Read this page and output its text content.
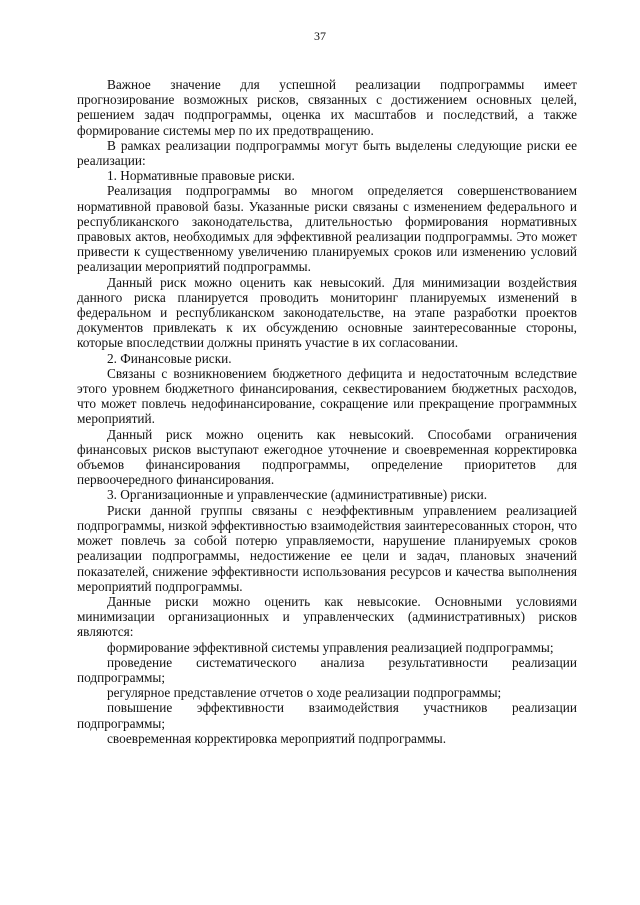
37

Важное значение для успешной реализации подпрограммы имеет прогнозирование возможных рисков, связанных с достижением основных целей, решением задач подпрограммы, оценка их масштабов и последствий, а также формирование системы мер по их предотвращению.

В рамках реализации подпрограммы могут быть выделены следующие риски ее реализации:

1. Нормативные правовые риски.

Реализация подпрограммы во многом определяется совершенствованием нормативной правовой базы. Указанные риски связаны с изменением федерального и республиканского законодательства, длительностью формирования нормативных правовых актов, необходимых для эффективной реализации подпрограммы. Это может привести к существенному увеличению планируемых сроков или изменению условий реализации мероприятий подпрограммы.

Данный риск можно оценить как невысокий. Для минимизации воздействия данного риска планируется проводить мониторинг планируемых изменений в федеральном и республиканском законодательстве, на этапе разработки проектов документов привлекать к их обсуждению основные заинтересованные стороны, которые впоследствии должны принять участие в их согласовании.

2. Финансовые риски.

Связаны с возникновением бюджетного дефицита и недостаточным вследствие этого уровнем бюджетного финансирования, секвестированием бюджетных расходов, что может повлечь недофинансирование, сокращение или прекращение программных мероприятий.

Данный риск можно оценить как невысокий. Способами ограничения финансовых рисков выступают ежегодное уточнение и своевременная корректировка объемов финансирования подпрограммы, определение приоритетов для первоочередного финансирования.

3. Организационные и управленческие (административные) риски.

Риски данной группы связаны с неэффективным управлением реализацией подпрограммы, низкой эффективностью взаимодействия заинтересованных сторон, что может повлечь за собой потерю управляемости, нарушение планируемых сроков реализации подпрограммы, недостижение ее цели и задач, плановых значений показателей, снижение эффективности использования ресурсов и качества выполнения мероприятий подпрограммы.

Данные риски можно оценить как невысокие. Основными условиями минимизации организационных и управленческих (административных) рисков являются:

формирование эффективной системы управления реализацией подпрограммы;

проведение систематического анализа результативности реализации подпрограммы;

регулярное представление отчетов о ходе реализации подпрограммы;

повышение эффективности взаимодействия участников реализации подпрограммы;

своевременная корректировка мероприятий подпрограммы.
